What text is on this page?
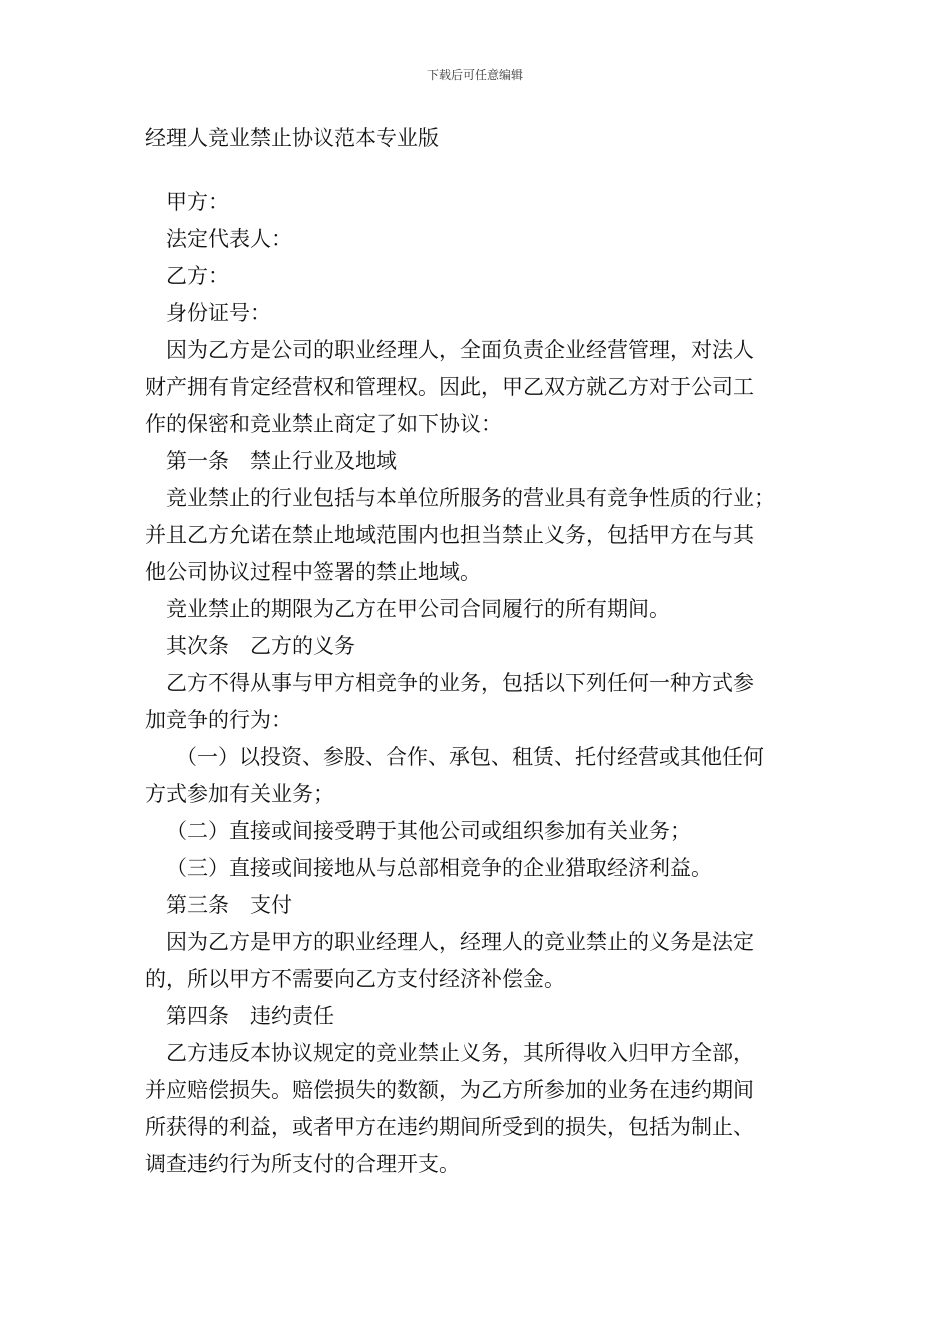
下载后可任意编辑
经理人竞业禁止协议范本专业版

甲方：

法定代表人：

乙方：

身份证号：

因为乙方是公司的职业经理人，全面负责企业经营管理，对法人

财产拥有肯定经营权和管理权。因此，甲乙双方就乙方对于公司工

作的保密和竞业禁止商定了如下协议：

第一条　禁止行业及地域

竞业禁止的行业包括与本单位所服务的营业具有竞争性质的行业；

并且乙方允诺在禁止地域范围内也担当禁止义务，包括甲方在与其

他公司协议过程中签署的禁止地域。

竞业禁止的期限为乙方在甲公司合同履行的所有期间。

其次条　乙方的义务

乙方不得从事与甲方相竞争的业务，包括以下列任何一种方式参

加竞争的行为：

（一）以投资、参股、合作、承包、租赁、托付经营或其他任何

方式参加有关业务；

（二）直接或间接受聘于其他公司或组织参加有关业务；

（三）直接或间接地从与总部相竞争的企业猎取经济利益。

第三条　支付

因为乙方是甲方的职业经理人，经理人的竞业禁止的义务是法定

的，所以甲方不需要向乙方支付经济补偿金。

第四条　违约责任

乙方违反本协议规定的竞业禁止义务，其所得收入归甲方全部，

并应赔偿损失。赔偿损失的数额，为乙方所参加的业务在违约期间

所获得的利益，或者甲方在违约期间所受到的损失，包括为制止、

调查违约行为所支付的合理开支。
